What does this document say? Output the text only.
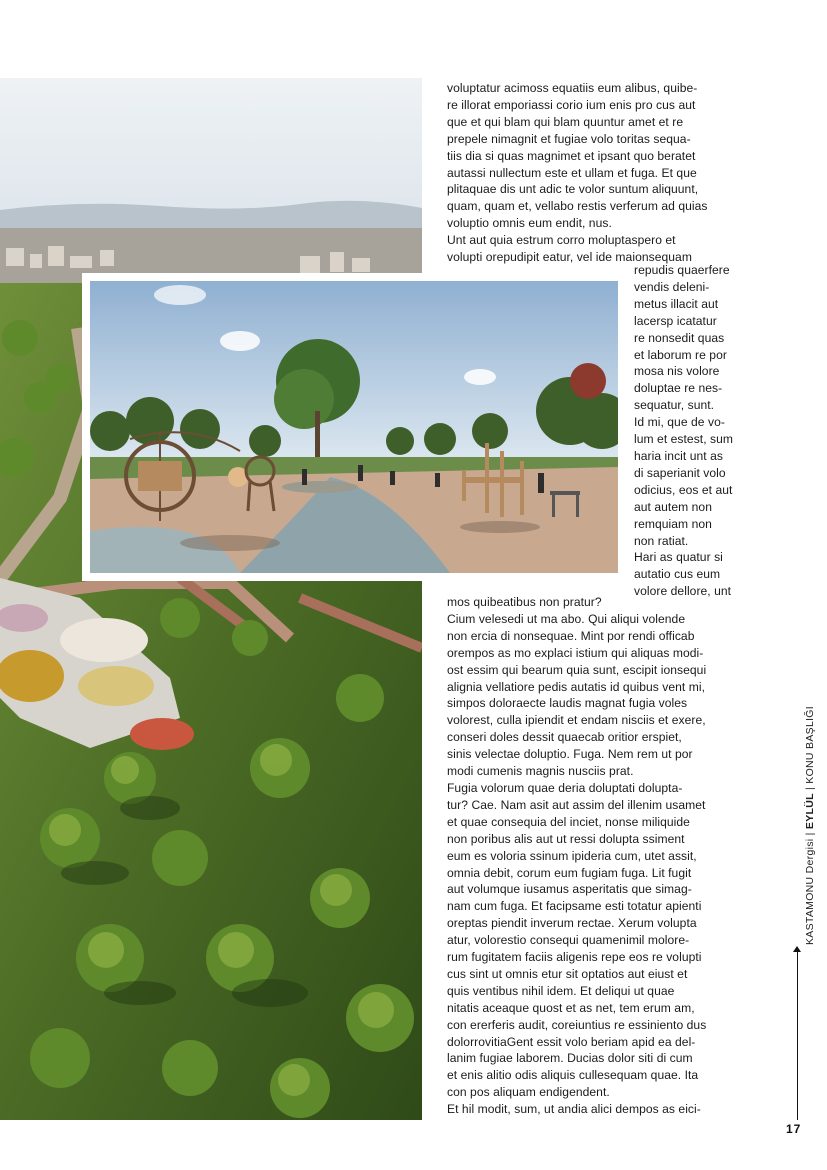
voluptatur acimoss equatiis eum alibus, quibe-

re illorat emporiassi corio ium enis pro cus aut

que et qui blam qui blam quuntur amet et re

prepele nimagnit et fugiae volo toritas sequa-

tiis dia si quas magnimet et ipsant quo beratet

autassi nullectum este et ullam et fuga. Et que

plitaquae dis unt adic te volor suntum aliquunt,

quam, quam et, vellabo restis verferum ad quias

voluptio omnis eum endit, nus.

Unt aut quia estrum corro moluptaspero et

volupti orepudipit eatur, vel ide maionsequam

repudis quaerfere

vendis deleni-

metus illacit aut

lacersp icatatur

re nonsedit quas

et laborum re por

mosa nis volore

doluptae re nes-

sequatur, sunt.

Id mi, que de vo-

lum et estest, sum

haria incit unt as

di saperianit volo

odicius, eos et aut

aut autem non

remquiam non

non ratiat.

Hari as quatur si

autatio cus eum

volore dellore, unt

mos quibeatibus non pratur?

Cium velesedi ut ma abo. Qui aliqui volende

non ercia di nonsequae. Mint por rendi officab

orempos as mo explaci istium qui aliquas modi-

ost essim qui bearum quia sunt, escipit ionsequi

alignia vellatiore pedis autatis id quibus vent mi,

simpos doloraecte laudis magnat fugia voles

volorest, culla ipiendit et endam nisciis et exere,

conseri doles dessit quaecab oritior erspiet,

sinis velectae doluptio. Fuga. Nem rem ut por

modi cumenis magnis nusciis prat.

Fugia volorum quae deria doluptati dolupta-

tur? Cae. Nam asit aut assim del illenim usamet

et quae consequia del inciet, nonse miliquide

non poribus alis aut ut ressi dolupta ssiment

eum es voloria ssinum ipideria cum, utet assit,

omnia debit, corum eum fugiam fuga. Lit fugit

aut volumque iusamus asperitatis que simag-

nam cum fuga. Et facipsame esti totatur apienti

oreptas piendit inverum rectae. Xerum volupta

atur, volorestio consequi quamenimil molore-

rum fugitatem faciis aligenis repe eos re volupti

cus sint ut omnis etur sit optatios aut eiust et

quis ventibus nihil idem. Et deliqui ut quae

nitatis aceaque quost et as net, tem erum am,

con ererferis audit, coreiuntius re essiniento dus

dolorrovitiaGent essit volo beriam apid ea del-

lanim fugiae laborem. Ducias dolor siti di cum

et enis alitio odis aliquis cullesequam quae. Ita

con pos aliquam endigendent.

Et hil modit, sum, ut andia alici dempos as eici-

KASTAMONU Dergisi | EYLÜL | KONU BAŞLIĞI
17
